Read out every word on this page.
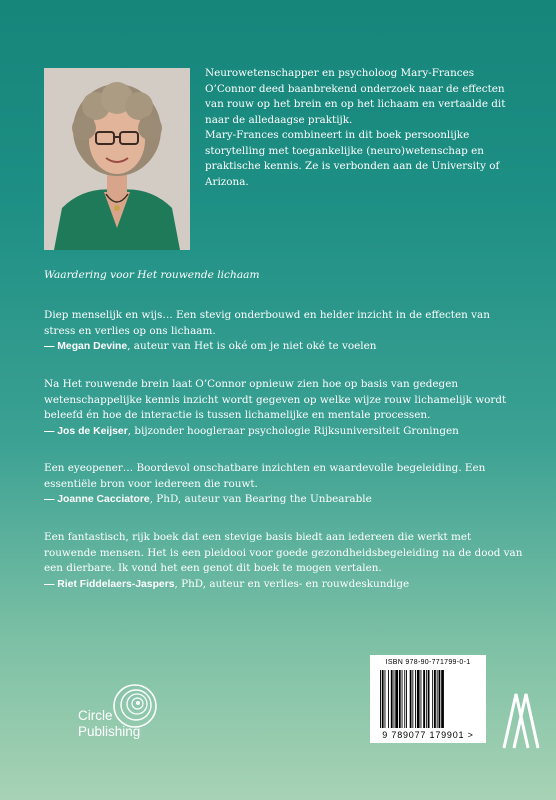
Neurowetenschapper en psycholoog Mary-Frances O’Connor deed baanbrekend onderzoek naar de effecten van rouw op het brein en op het lichaam en vertaalde dit naar de alledaagse praktijk.

Mary-Frances combineert in dit boek persoonlijke storytelling met toegankelijke (neuro)wetenschap en praktische kennis. Ze is verbonden aan de University of Arizona.

Waardering voor Het rouwende lichaam

Diep menselijk en wijs… Een stevig onderbouwd en helder inzicht in de effecten van stress en verlies op ons lichaam.

— Megan Devine, auteur van Het is oké om je niet oké te voelen

Na Het rouwende brein laat O’Connor opnieuw zien hoe op basis van gedegen wetenschappelijke kennis inzicht wordt gegeven op welke wijze rouw lichamelijk wordt beleefd én hoe de interactie is tussen lichamelijke en mentale processen.

— Jos de Keijser, bijzonder hoogleraar psychologie Rijksuniversiteit Groningen

Een eyeopener… Boordevol onschatbare inzichten en waardevolle begeleiding. Een essentiële bron voor iedereen die rouwt.

— Joanne Cacciatore, PhD, auteur van Bearing the Unbearable

Een fantastisch, rijk boek dat een stevige basis biedt aan iedereen die werkt met rouwende mensen. Het is een pleidooi voor goede gezondheidsbegeleiding na de dood van een dierbare. Ik vond het een genot dit boek te mogen vertalen.

— Riet Fiddelaers-Jaspers, PhD, auteur en verlies- en rouwdeskundige
Circle
Publishing
ISBN 978-90-771799-0-1
9 789077 179901 >
